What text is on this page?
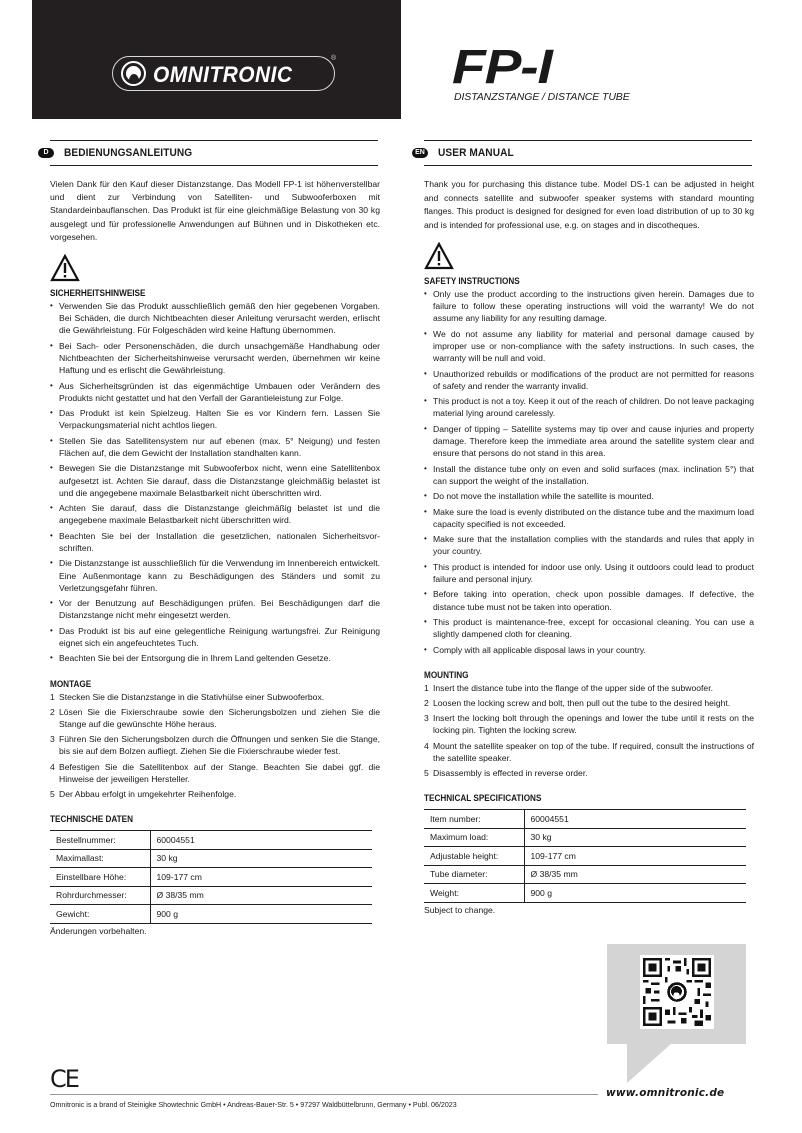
OMNITRONIC
® FP-I
DISTANZSTANGE / DISTANCE TUBE
D	BEDIENUNGSANLEITUNG

Vielen Dank für den Kauf dieser Distanzstange. Das Modell FP-1 ist höhenverstellbar und dient zur Verbindung von Satelliten- und Subwooferboxen mit Standardeinbauflanschen. Das Produkt ist für eine gleichmäßige Belastung von 30 kg ausgelegt und für professionelle Anwendungen auf Bühnen und in Diskotheken etc. vorgesehen.

SICHERHEITSHINWEISE
• Verwenden Sie das Produkt ausschließlich gemäß den hier gegebenen Vorgaben. Bei Schäden, die durch Nichtbeachten dieser Anleitung verursacht werden, erlischt die Gewährleistung. Für Folgeschäden wird keine Haftung übernommen.
• Bei Sach- oder Personenschäden, die durch unsachgemäße Handhabung oder Nichtbeachten der Sicherheitshinweise verursacht werden, übernehmen wir keine Haftung und es erlischt die Gewährleistung.
• Aus Sicherheitsgründen ist das eigenmächtige Umbauen oder Verändern des Produkts nicht gestattet und hat den Verfall der Garantieleistung zur Folge.
• Das Produkt ist kein Spielzeug. Halten Sie es vor Kindern fern. Lassen Sie Verpackungsmaterial nicht achtlos liegen.
• Stellen Sie das Satellitensystem nur auf ebenen (max. 5° Neigung) und festen Flächen auf, die dem Gewicht der Installation standhalten kann.
• Bewegen Sie die Distanzstange mit Subwooferbox nicht, wenn eine Satellitenbox aufgesetzt ist. Achten Sie darauf, dass die Distanzstange gleichmäßig belastet ist und die angegebene maximale Belastbarkeit nicht überschritten wird.
• Achten Sie darauf, dass die Distanzstange gleichmäßig belastet ist und die angegebene maximale Belastbarkeit nicht überschritten wird.
• Beachten Sie bei der Installation die gesetzlichen, nationalen Sicherheitsvor-schriften.
• Die Distanzstange ist ausschließlich für die Verwendung im Innenbereich entwickelt. Eine Außenmontage kann zu Beschädigungen des Ständers und somit zu Verletzungsgefahr führen.
• Vor der Benutzung auf Beschädigungen prüfen. Bei Beschädigungen darf die Distanzstange nicht mehr eingesetzt werden.
• Das Produkt ist bis auf eine gelegentliche Reinigung wartungsfrei. Zur Reinigung eignet sich ein angefeuchtetes Tuch.
• Beachten Sie bei der Entsorgung die in Ihrem Land geltenden Gesetze.
MONTAGE
1 Stecken Sie die Distanzstange in die Stativhülse einer Subwooferbox.
2 Lösen Sie die Fixierschraube sowie den Sicherungsbolzen und ziehen Sie die Stange auf die gewünschte Höhe heraus.
3 Führen Sie den Sicherungsbolzen durch die Öffnungen und senken Sie die Stange, bis sie auf dem Bolzen aufliegt. Ziehen Sie die Fixierschraube wieder fest.
4 Befestigen Sie die Satellitenbox auf der Stange. Beachten Sie dabei ggf. die Hinweise der jeweiligen Hersteller.
5 Der Abbau erfolgt in umgekehrter Reihenfolge.
TECHNISCHE DATEN
Bestellnummer:	60004551
Maximallast:	30 kg
Einstellbare Höhe:	109-177 cm
Rohrdurchmesser:	Ø 38/35 mm
Gewicht:	900 g
Änderungen vorbehalten.
EN USER MANUAL

Thank you for purchasing this distance tube. Model DS-1 can be adjusted in height and connects satellite and subwoofer speaker systems with standard mounting flanges. This product is designed for designed for even load distribution of up to 30 kg and is intended for professional use, e.g. on stages and in discotheques.

SAFETY INSTRUCTIONS
• Only use the product according to the instructions given herein. Damages due to failure to follow these operating instructions will void the warranty! We do not assume any liability for any resulting damage.
• We do not assume any liability for material and personal damage caused by improper use or non-compliance with the safety instructions. In such cases, the warranty will be null and void.
• Unauthorized rebuilds or modifications of the product are not permitted for reasons of safety and render the warranty invalid.
• This product is not a toy. Keep it out of the reach of children. Do not leave packaging material lying around carelessly.
• Danger of tipping – Satellite systems may tip over and cause injuries and property damage. Therefore keep the immediate area around the satellite system clear and ensure that persons do not stand in this area.
• Install the distance tube only on even and solid surfaces (max. inclination 5°) that can support the weight of the installation.
• Do not move the installation while the satellite is mounted.
• Make sure the load is evenly distributed on the distance tube and the maximum load capacity specified is not exceeded.
• Make sure that the installation complies with the standards and rules that apply in your country.
• This product is intended for indoor use only. Using it outdoors could lead to product failure and personal injury.
• Before taking into operation, check upon possible damages. If defective, the distance tube must not be taken into operation.
• This product is maintenance-free, except for occasional cleaning. You can use a slightly dampened cloth for cleaning.
• Comply with all applicable disposal laws in your country.
MOUNTING
1 Insert the distance tube into the flange of the upper side of the subwoofer.
2 Loosen the locking screw and bolt, then pull out the tube to the desired height.
3 Insert the locking bolt through the openings and lower the tube until it rests on the locking pin. Tighten the locking screw.
4 Mount the satellite speaker on top of the tube. If required, consult the instructions of the satellite speaker.
5 Disassembly is effected in reverse order.
TECHNICAL SPECIFICATIONS
Item number:	60004551
Maximum load:	30 kg
Adjustable height:	109-177 cm
Tube diameter:	Ø 38/35 mm
Weight:	900 g
Subject to change.
www.omnitronic.de
CE
Omnitronic is a brand of Steinigke Showtechnic GmbH • Andreas-Bauer-Str. 5 • 97297 Waldbüttelbrunn, Germany • Publ. 06/2023
